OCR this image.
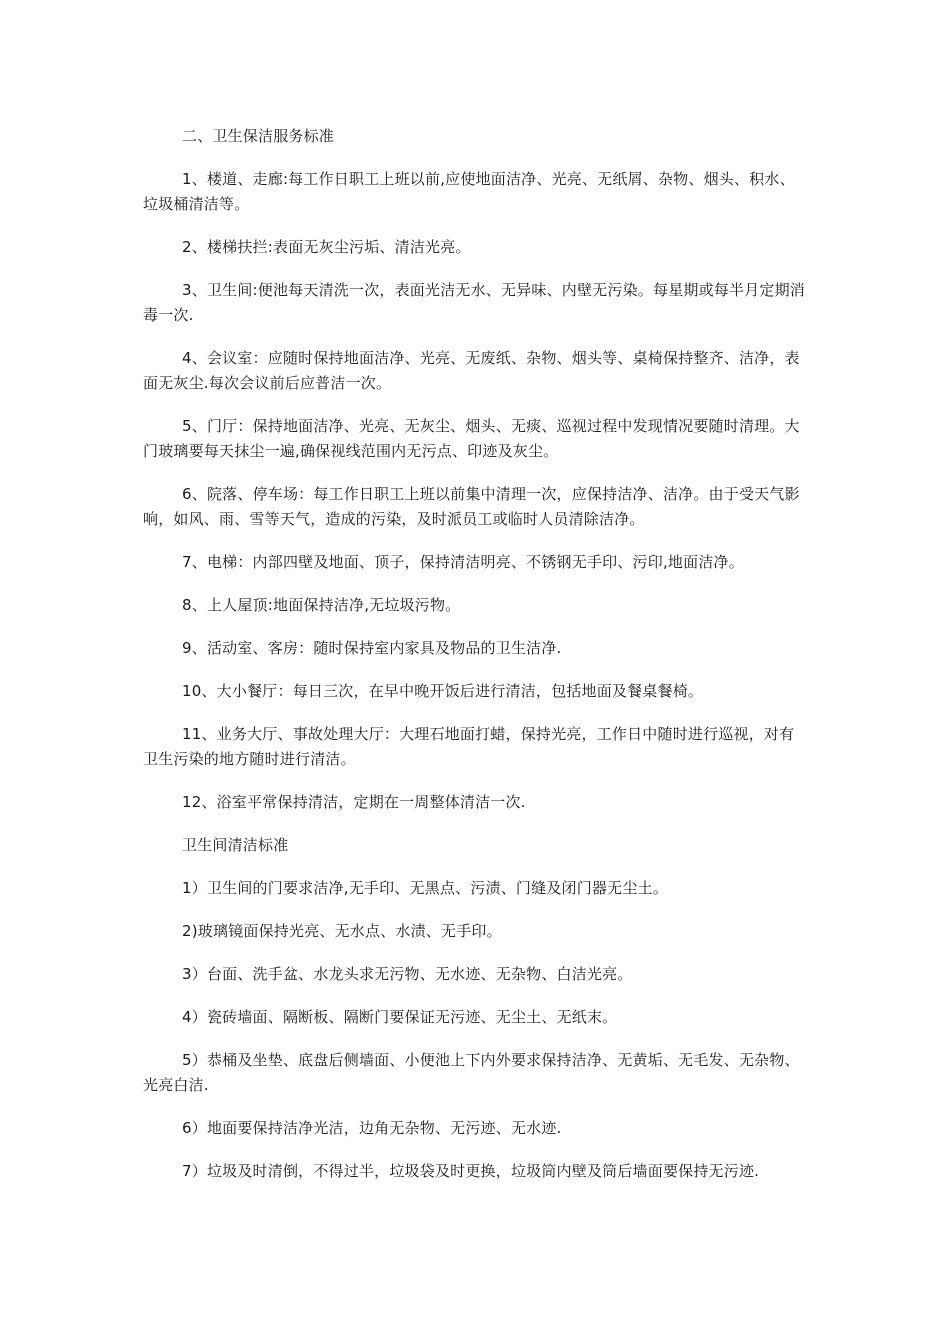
二、卫生保洁服务标准

1、楼道、走廊:每工作日职工上班以前,应使地面洁净、光亮、无纸屑、杂物、烟头、积水、垃圾桶清洁等。

2、楼梯扶拦:表面无灰尘污垢、清洁光亮。

3、卫生间:便池每天清洗一次，表面光洁无水、无异味、内壁无污染。每星期或每半月定期消毒一次.

4、会议室：应随时保持地面洁净、光亮、无废纸、杂物、烟头等、桌椅保持整齐、洁净，表面无灰尘.每次会议前后应普洁一次。

5、门厅：保持地面洁净、光亮、无灰尘、烟头、无痰、巡视过程中发现情况要随时清理。大门玻璃要每天抹尘一遍,确保视线范围内无污点、印迹及灰尘。

6、院落、停车场：每工作日职工上班以前集中清理一次，应保持洁净、洁净。由于受天气影响，如风、雨、雪等天气，造成的污染，及时派员工或临时人员清除洁净。

7、电梯：内部四壁及地面、顶子，保持清洁明亮、不锈钢无手印、污印,地面洁净。

8、上人屋顶:地面保持洁净,无垃圾污物。

9、活动室、客房：随时保持室内家具及物品的卫生洁净.

10、大小餐厅：每日三次，在早中晚开饭后进行清洁，包括地面及餐桌餐椅。

11、业务大厅、事故处理大厅：大理石地面打蜡，保持光亮，工作日中随时进行巡视，对有卫生污染的地方随时进行清洁。

12、浴室平常保持清洁，定期在一周整体清洁一次.

卫生间清洁标准

1）卫生间的门要求洁净,无手印、无黑点、污渍、门缝及闭门器无尘土。

2)玻璃镜面保持光亮、无水点、水渍、无手印。

3）台面、洗手盆、水龙头求无污物、无水迹、无杂物、白洁光亮。

4）瓷砖墙面、隔断板、隔断门要保证无污迹、无尘土、无纸末。

5）恭桶及坐垫、底盘后侧墙面、小便池上下内外要求保持洁净、无黄垢、无毛发、无杂物、光亮白洁.

6）地面要保持洁净光洁，边角无杂物、无污迹、无水迹.

7）垃圾及时清倒，不得过半，垃圾袋及时更换，垃圾筒内壁及筒后墙面要保持无污迹.
